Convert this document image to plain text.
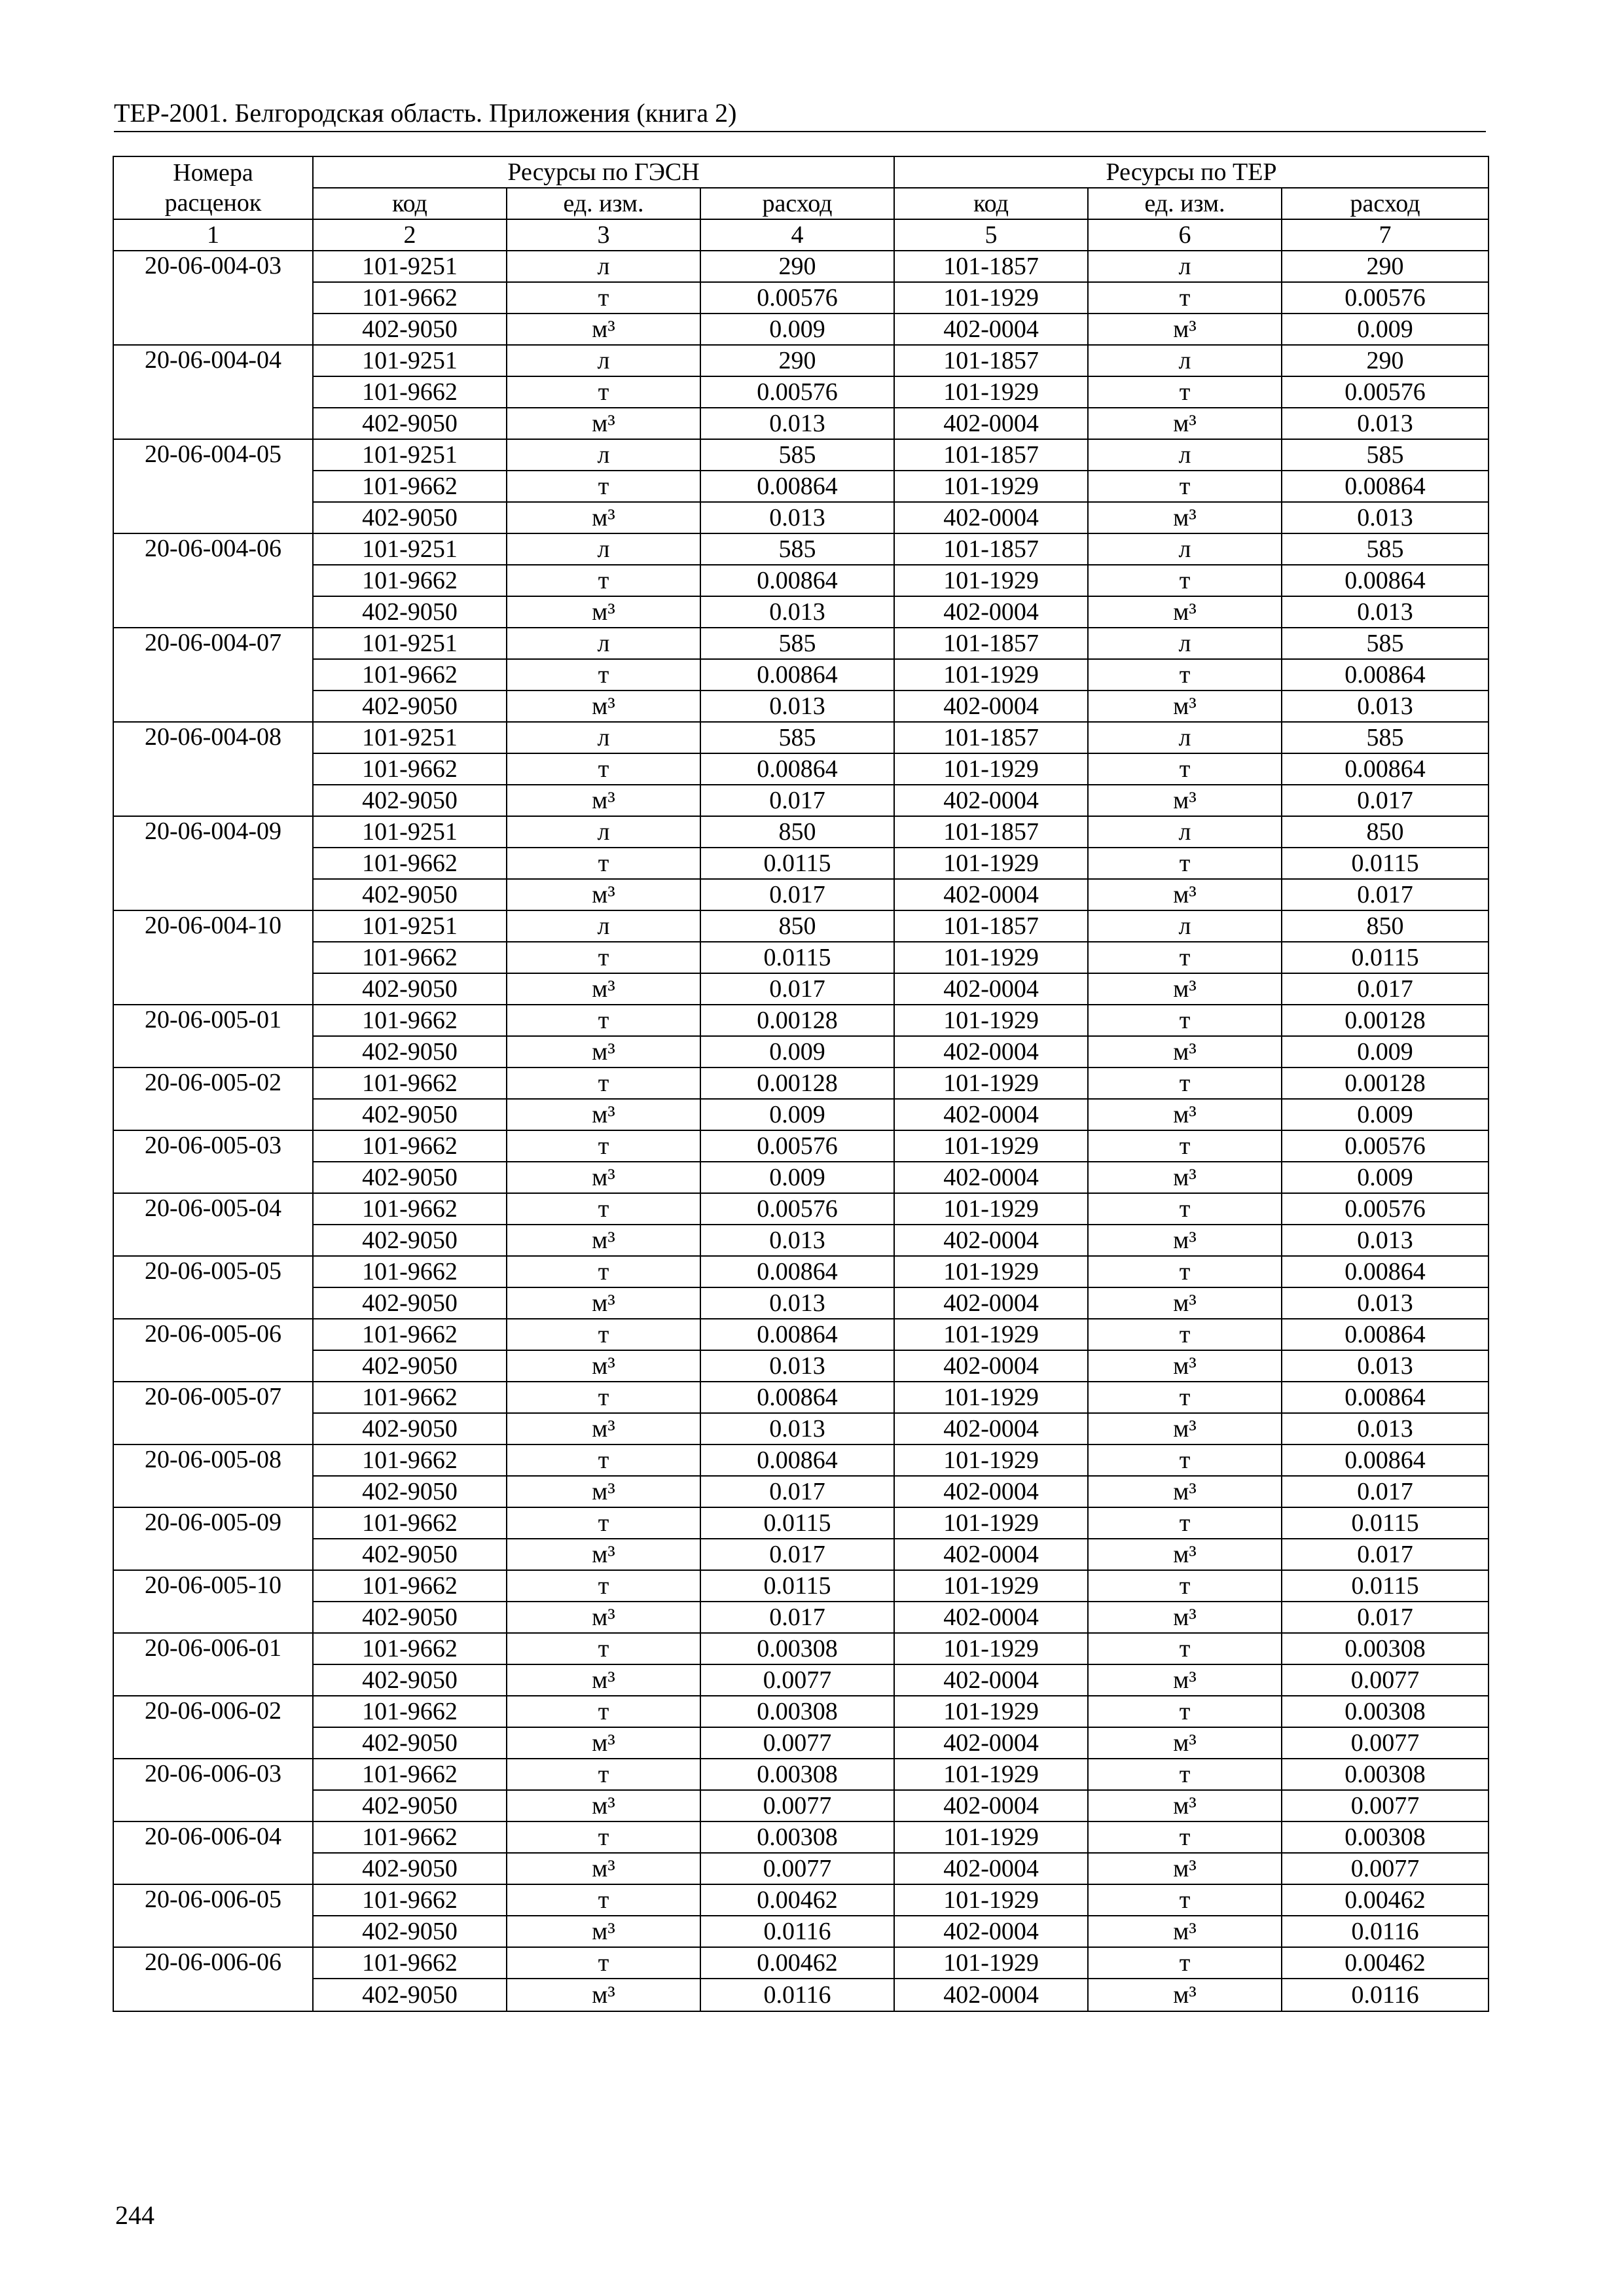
ТЕР-2001. Белгородская область. Приложения (книга 2)
Номера
расценок	Ресурсы по ГЭСН			Ресурсы по ТЕР		
	код	ед. изм.	расход	код	ед. изм.	расход
1	2	3	4	5	6	7
20-06-004-03	101-9251	л	290	101-1857	л	290
	101-9662	т	0.00576	101-1929	т	0.00576
	402-9050	м³	0.009	402-0004	м³	0.009
20-06-004-04	101-9251	л	290	101-1857	л	290
	101-9662	т	0.00576	101-1929	т	0.00576
	402-9050	м³	0.013	402-0004	м³	0.013
20-06-004-05	101-9251	л	585	101-1857	л	585
	101-9662	т	0.00864	101-1929	т	0.00864
	402-9050	м³	0.013	402-0004	м³	0.013
20-06-004-06	101-9251	л	585	101-1857	л	585
	101-9662	т	0.00864	101-1929	т	0.00864
	402-9050	м³	0.013	402-0004	м³	0.013
20-06-004-07	101-9251	л	585	101-1857	л	585
	101-9662	т	0.00864	101-1929	т	0.00864
	402-9050	м³	0.013	402-0004	м³	0.013
20-06-004-08	101-9251	л	585	101-1857	л	585
	101-9662	т	0.00864	101-1929	т	0.00864
	402-9050	м³	0.017	402-0004	м³	0.017
20-06-004-09	101-9251	л	850	101-1857	л	850
	101-9662	т	0.0115	101-1929	т	0.0115
	402-9050	м³	0.017	402-0004	м³	0.017
20-06-004-10	101-9251	л	850	101-1857	л	850
	101-9662	т	0.0115	101-1929	т	0.0115
	402-9050	м³	0.017	402-0004	м³	0.017
20-06-005-01	101-9662	т	0.00128	101-1929	т	0.00128
	402-9050	м³	0.009	402-0004	м³	0.009
20-06-005-02	101-9662	т	0.00128	101-1929	т	0.00128
	402-9050	м³	0.009	402-0004	м³	0.009
20-06-005-03	101-9662	т	0.00576	101-1929	т	0.00576
	402-9050	м³	0.009	402-0004	м³	0.009
20-06-005-04	101-9662	т	0.00576	101-1929	т	0.00576
	402-9050	м³	0.013	402-0004	м³	0.013
20-06-005-05	101-9662	т	0.00864	101-1929	т	0.00864
	402-9050	м³	0.013	402-0004	м³	0.013
20-06-005-06	101-9662	т	0.00864	101-1929	т	0.00864
	402-9050	м³	0.013	402-0004	м³	0.013
20-06-005-07	101-9662	т	0.00864	101-1929	т	0.00864
	402-9050	м³	0.013	402-0004	м³	0.013
20-06-005-08	101-9662	т	0.00864	101-1929	т	0.00864
	402-9050	м³	0.017	402-0004	м³	0.017
20-06-005-09	101-9662	т	0.0115	101-1929	т	0.0115
	402-9050	м³	0.017	402-0004	м³	0.017
20-06-005-10	101-9662	т	0.0115	101-1929	т	0.0115
	402-9050	м³	0.017	402-0004	м³	0.017
20-06-006-01	101-9662	т	0.00308	101-1929	т	0.00308
	402-9050	м³	0.0077	402-0004	м³	0.0077
20-06-006-02	101-9662	т	0.00308	101-1929	т	0.00308
	402-9050	м³	0.0077	402-0004	м³	0.0077
20-06-006-03	101-9662	т	0.00308	101-1929	т	0.00308
	402-9050	м³	0.0077	402-0004	м³	0.0077
20-06-006-04	101-9662	т	0.00308	101-1929	т	0.00308
	402-9050	м³	0.0077	402-0004	м³	0.0077
20-06-006-05	101-9662	т	0.00462	101-1929	т	0.00462
	402-9050	м³	0.0116	402-0004	м³	0.0116
20-06-006-06	101-9662	т	0.00462	101-1929	т	0.00462
	402-9050	м³	0.0116	402-0004	м³	0.0116
244
